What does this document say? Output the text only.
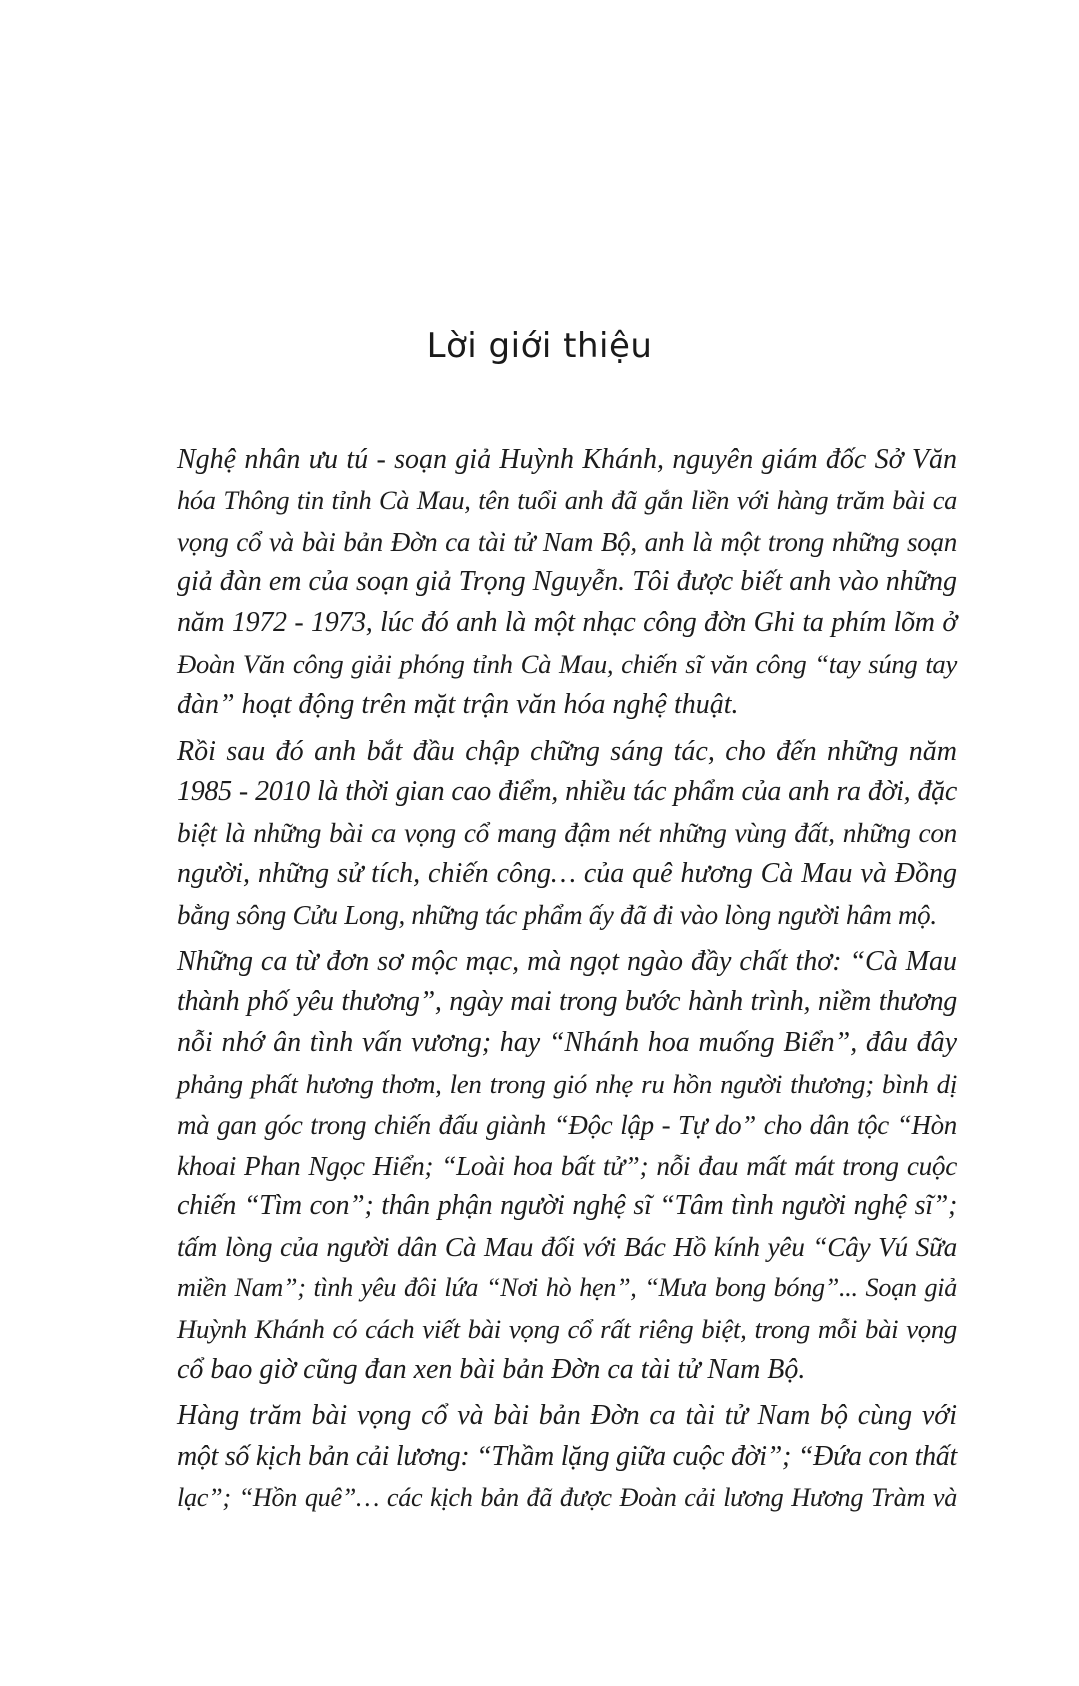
Lời giới thiệu

Nghệ nhân ưu tú - soạn giả Huỳnh Khánh, nguyên giám đốc Sở Văn
hóa Thông tin tỉnh Cà Mau, tên tuổi anh đã gắn liền với hàng trăm bài ca
vọng cổ và bài bản Đờn ca tài tử Nam Bộ, anh là một trong những soạn
giả đàn em của soạn giả Trọng Nguyễn. Tôi được biết anh vào những
năm 1972 - 1973, lúc đó anh là một nhạc công đờn Ghi ta phím lõm ở
Đoàn Văn công giải phóng tỉnh Cà Mau, chiến sĩ văn công “tay súng tay
đàn” hoạt động trên mặt trận văn hóa nghệ thuật.

Rồi sau đó anh bắt đầu chập chững sáng tác, cho đến những năm
1985 - 2010 là thời gian cao điểm, nhiều tác phẩm của anh ra đời, đặc
biệt là những bài ca vọng cổ mang đậm nét những vùng đất, những con
người, những sử tích, chiến công… của quê hương Cà Mau và Đồng
bằng sông Cửu Long, những tác phẩm ấy đã đi vào lòng người hâm mộ.

Những ca từ đơn sơ mộc mạc, mà ngọt ngào đầy chất thơ: “Cà Mau
thành phố yêu thương”, ngày mai trong bước hành trình, niềm thương
nỗi nhớ ân tình vấn vương; hay “Nhánh hoa muống Biển”, đâu đây
phảng phất hương thơm, len trong gió nhẹ ru hồn người thương; bình dị
mà gan góc trong chiến đấu giành “Độc lập - Tự do” cho dân tộc “Hòn
khoai Phan Ngọc Hiển; “Loài hoa bất tử”; nỗi đau mất mát trong cuộc
chiến “Tìm con”; thân phận người nghệ sĩ “Tâm tình người nghệ sĩ”;
tấm lòng của người dân Cà Mau đối với Bác Hồ kính yêu “Cây Vú Sữa
miền Nam”; tình yêu đôi lứa “Nơi hò hẹn”, “Mưa bong bóng”... Soạn giả
Huỳnh Khánh có cách viết bài vọng cổ rất riêng biệt, trong mỗi bài vọng
cổ bao giờ cũng đan xen bài bản Đờn ca tài tử Nam Bộ.

Hàng trăm bài vọng cổ và bài bản Đờn ca tài tử Nam bộ cùng với
một số kịch bản cải lương: “Thầm lặng giữa cuộc đời”; “Đứa con thất
lạc”; “Hồn quê”… các kịch bản đã được Đoàn cải lương Hương Tràm và
